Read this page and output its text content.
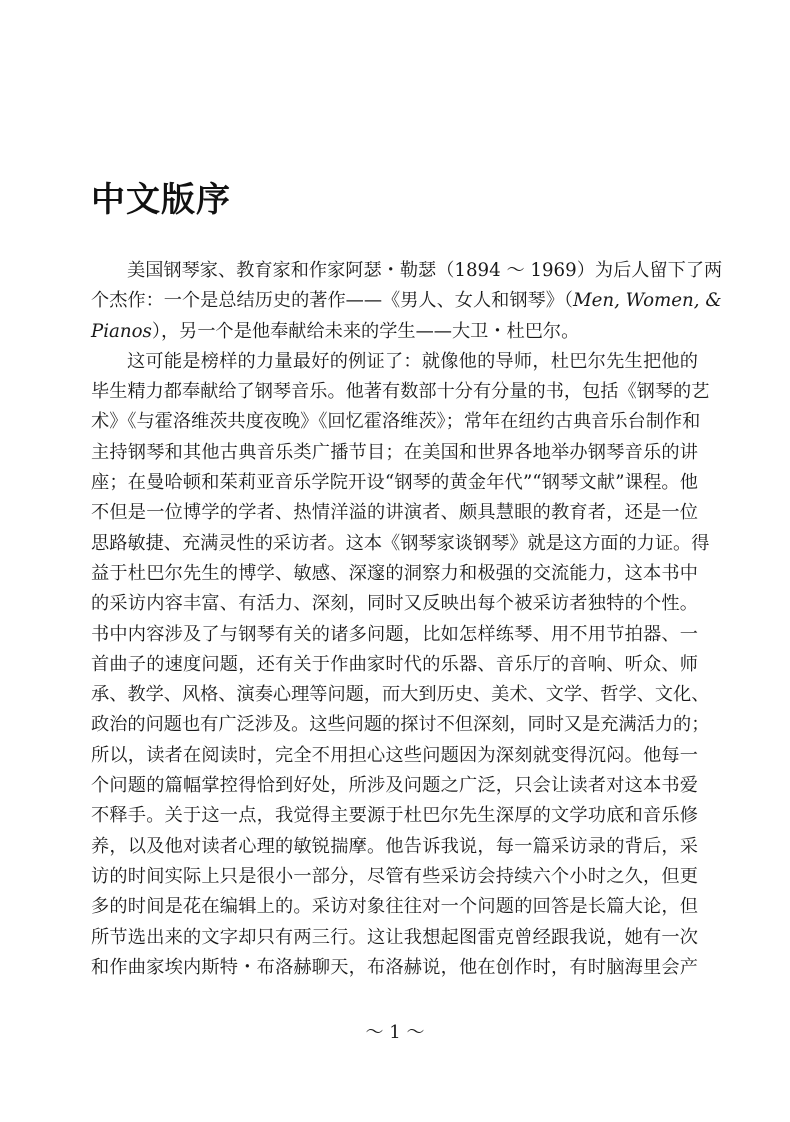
中文版序
美国钢琴家、教育家和作家阿瑟・勒瑟（1894 ～ 1969）为后人留下了两
个杰作：一个是总结历史的著作——《男人、女人和钢琴》（Men, Women, &
Pianos），另一个是他奉献给未来的学生——大卫・杜巴尔。
这可能是榜样的力量最好的例证了：就像他的导师，杜巴尔先生把他的
毕生精力都奉献给了钢琴音乐。他著有数部十分有分量的书，包括《钢琴的艺
术》《与霍洛维茨共度夜晚》《回忆霍洛维茨》；常年在纽约古典音乐台制作和
主持钢琴和其他古典音乐类广播节目；在美国和世界各地举办钢琴音乐的讲
座；在曼哈顿和茱莉亚音乐学院开设“钢琴的黄金年代”“钢琴文献”课程。他
不但是一位博学的学者、热情洋溢的讲演者、颇具慧眼的教育者，还是一位
思路敏捷、充满灵性的采访者。这本《钢琴家谈钢琴》就是这方面的力证。得
益于杜巴尔先生的博学、敏感、深邃的洞察力和极强的交流能力，这本书中
的采访内容丰富、有活力、深刻，同时又反映出每个被采访者独特的个性。
书中内容涉及了与钢琴有关的诸多问题，比如怎样练琴、用不用节拍器、一
首曲子的速度问题，还有关于作曲家时代的乐器、音乐厅的音响、听众、师
承、教学、风格、演奏心理等问题，而大到历史、美术、文学、哲学、文化、
政治的问题也有广泛涉及。这些问题的探讨不但深刻，同时又是充满活力的；
所以，读者在阅读时，完全不用担心这些问题因为深刻就变得沉闷。他每一
个问题的篇幅掌控得恰到好处，所涉及问题之广泛，只会让读者对这本书爱
不释手。关于这一点，我觉得主要源于杜巴尔先生深厚的文学功底和音乐修
养，以及他对读者心理的敏锐揣摩。他告诉我说，每一篇采访录的背后，采
访的时间实际上只是很小一部分，尽管有些采访会持续六个小时之久，但更
多的时间是花在编辑上的。采访对象往往对一个问题的回答是长篇大论，但
所节选出来的文字却只有两三行。这让我想起图雷克曾经跟我说，她有一次
和作曲家埃内斯特・布洛赫聊天，布洛赫说，他在创作时，有时脑海里会产
～ 1 ～
